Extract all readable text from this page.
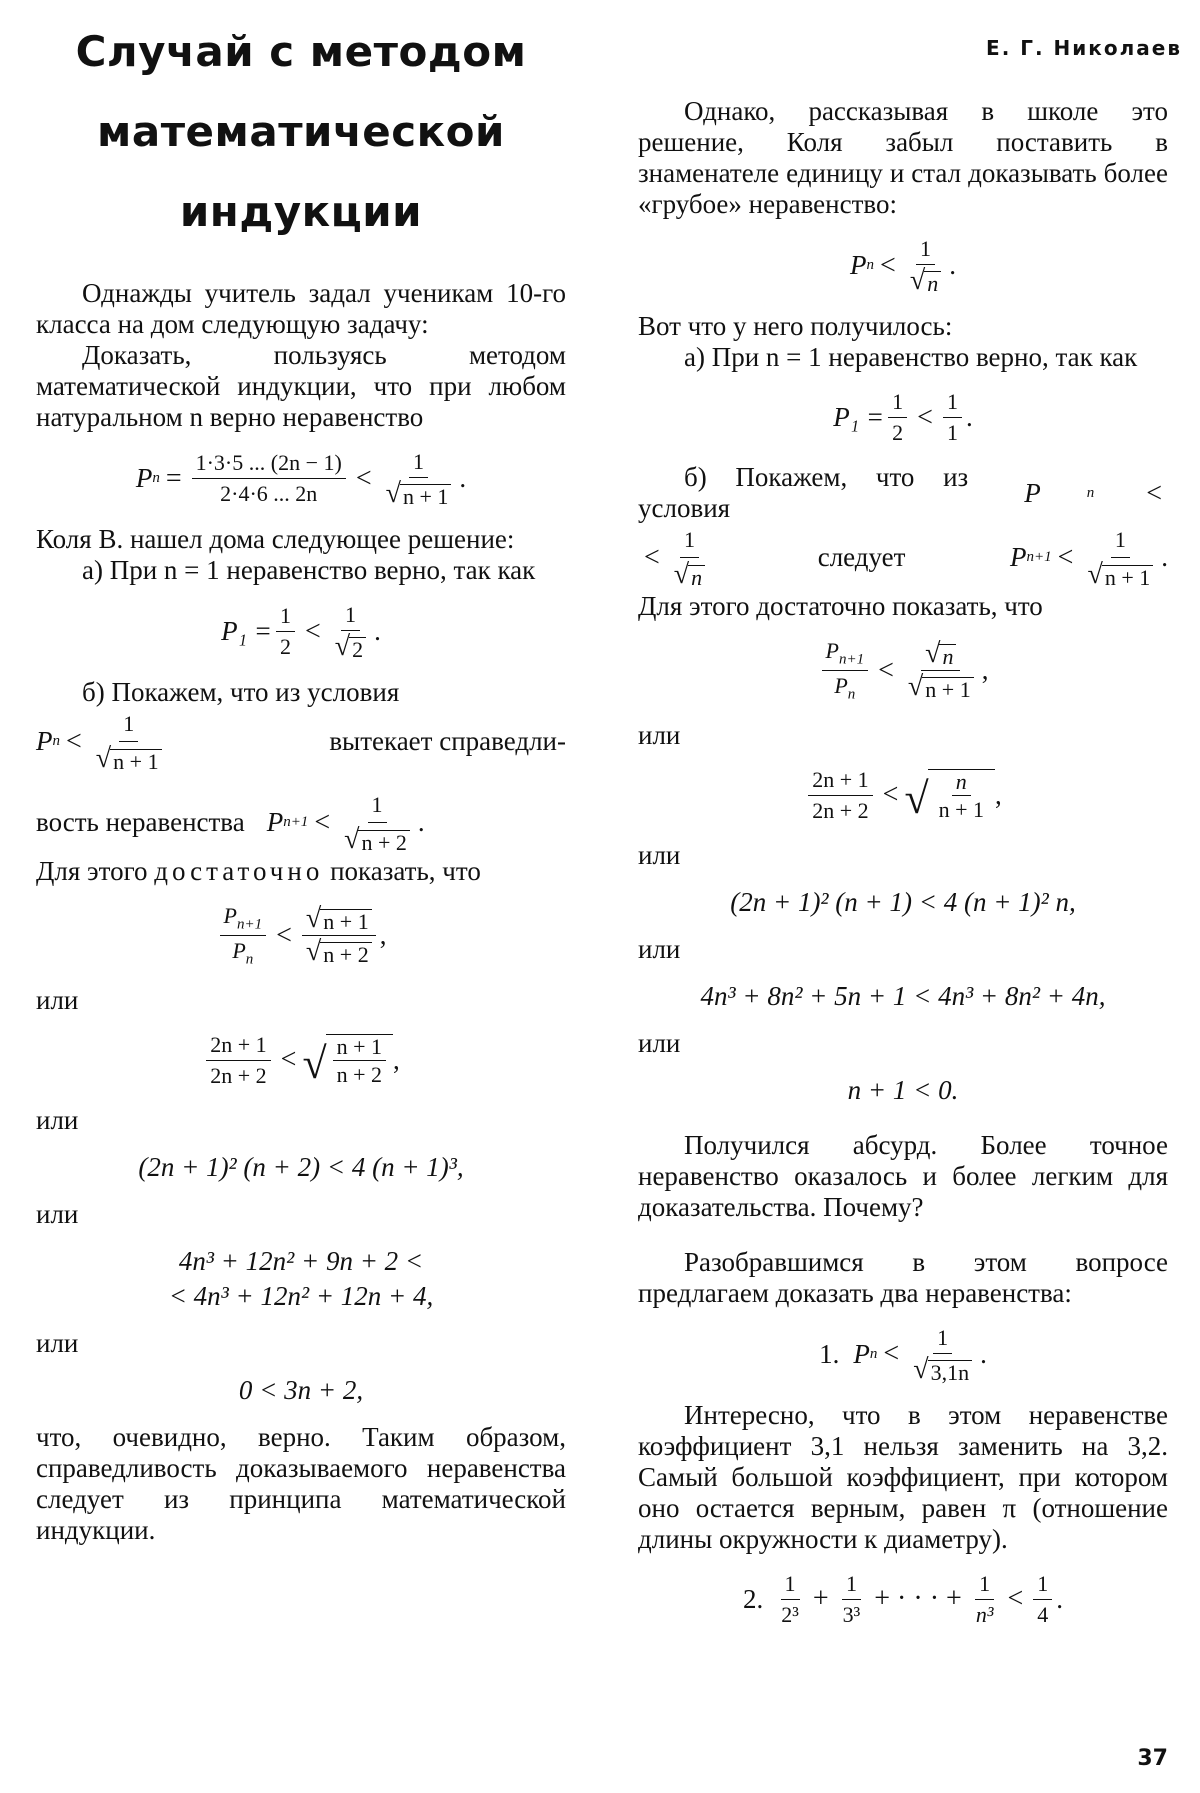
Е. Г. Николаев
Случай с методом
математической
индукции

Однажды учитель задал ученикам 10-го класса на дом следующую задачу:

Доказать, пользуясь методом математической индукции, что при любом натуральном n верно неравенство

P $n = \frac{1\cdot 3\cdot 5 ... (2n - 1)}{2\cdot 4\cdot 6 ... 2n} < \frac{1}{√ n + 1}$ .

Коля В. нашел дома следующее решение:

а) При n = 1 неравенство верно, так как

$P_1 = \frac{1}{2} < \frac{1}{√ 2}$ .

б) Покажем, что из условия

P $n < \frac{1}{√ n + 1}$	вытекает справедли-

вость неравенства P $n+1 < \frac{1}{√ n + 2}$ .

Для этого достаточно показать, что

$\frac{P_{n+1}}{P_n} < \frac{√ n + 1}{√ n + 2}$ ,

или

$\frac{2n + 1}{2n + 2}$ < √ $\frac{n + 1}{n + 2}$ ,

или

(2n + 1)² (n + 2) < 4 (n + 1)³,

или

4n³ + 12n² + 9n + 2 <
< 4n³ + 12n² + 12n + 4,

или

0 < 3n + 2,

что, очевидно, верно. Таким образом, справедливость доказываемого неравенства следует из принципа математической индукции.

Однако, рассказывая в школе это решение, Коля забыл поставить в знаменателе единицу и стал доказывать более «грубое» неравенство:

P $n < \frac{1}{√ n}$ .

Вот что у него получилось:

а) При n = 1 неравенство верно, так как

$P_1 = \frac{1}{2} < \frac{1}{1}$ .

б) Покажем, что из условия
P	n	<

< $\frac{1}{√ n}$	следует	P $n+1 < \frac{1}{√ n + 1}$ .

Для этого достаточно показать, что

$\frac{P_{n+1}}{P_n} < \frac{√ n}{√ n + 1}$ ,

или

$\frac{2n + 1}{2n + 2}$ < √ $\frac{n}{n + 1}$ ,

или

(2n + 1)² (n + 1) < 4 (n + 1)² n,

или

4n³ + 8n² + 5n + 1 < 4n³ + 8n² + 4n,

или

n + 1 < 0.

Получился абсурд. Более точное неравенство оказалось и более легким для доказательства. Почему?

Разобравшимся в этом вопросе предлагаем доказать два неравенства:

1. P $n < \frac{1}{√ 3,1n}$ .

Интересно, что в этом неравенстве коэффициент 3,1 нельзя заменить на 3,2. Самый большой коэффициент, при котором оно остается верным, равен π (отношение длины окружности к диаметру).

2. $\frac{1}{\text{2³}} + \frac{1}{\text{3³}}$ + · · · + $\frac{1}{\text{n³}} < \frac{1}{4}$ .
37
